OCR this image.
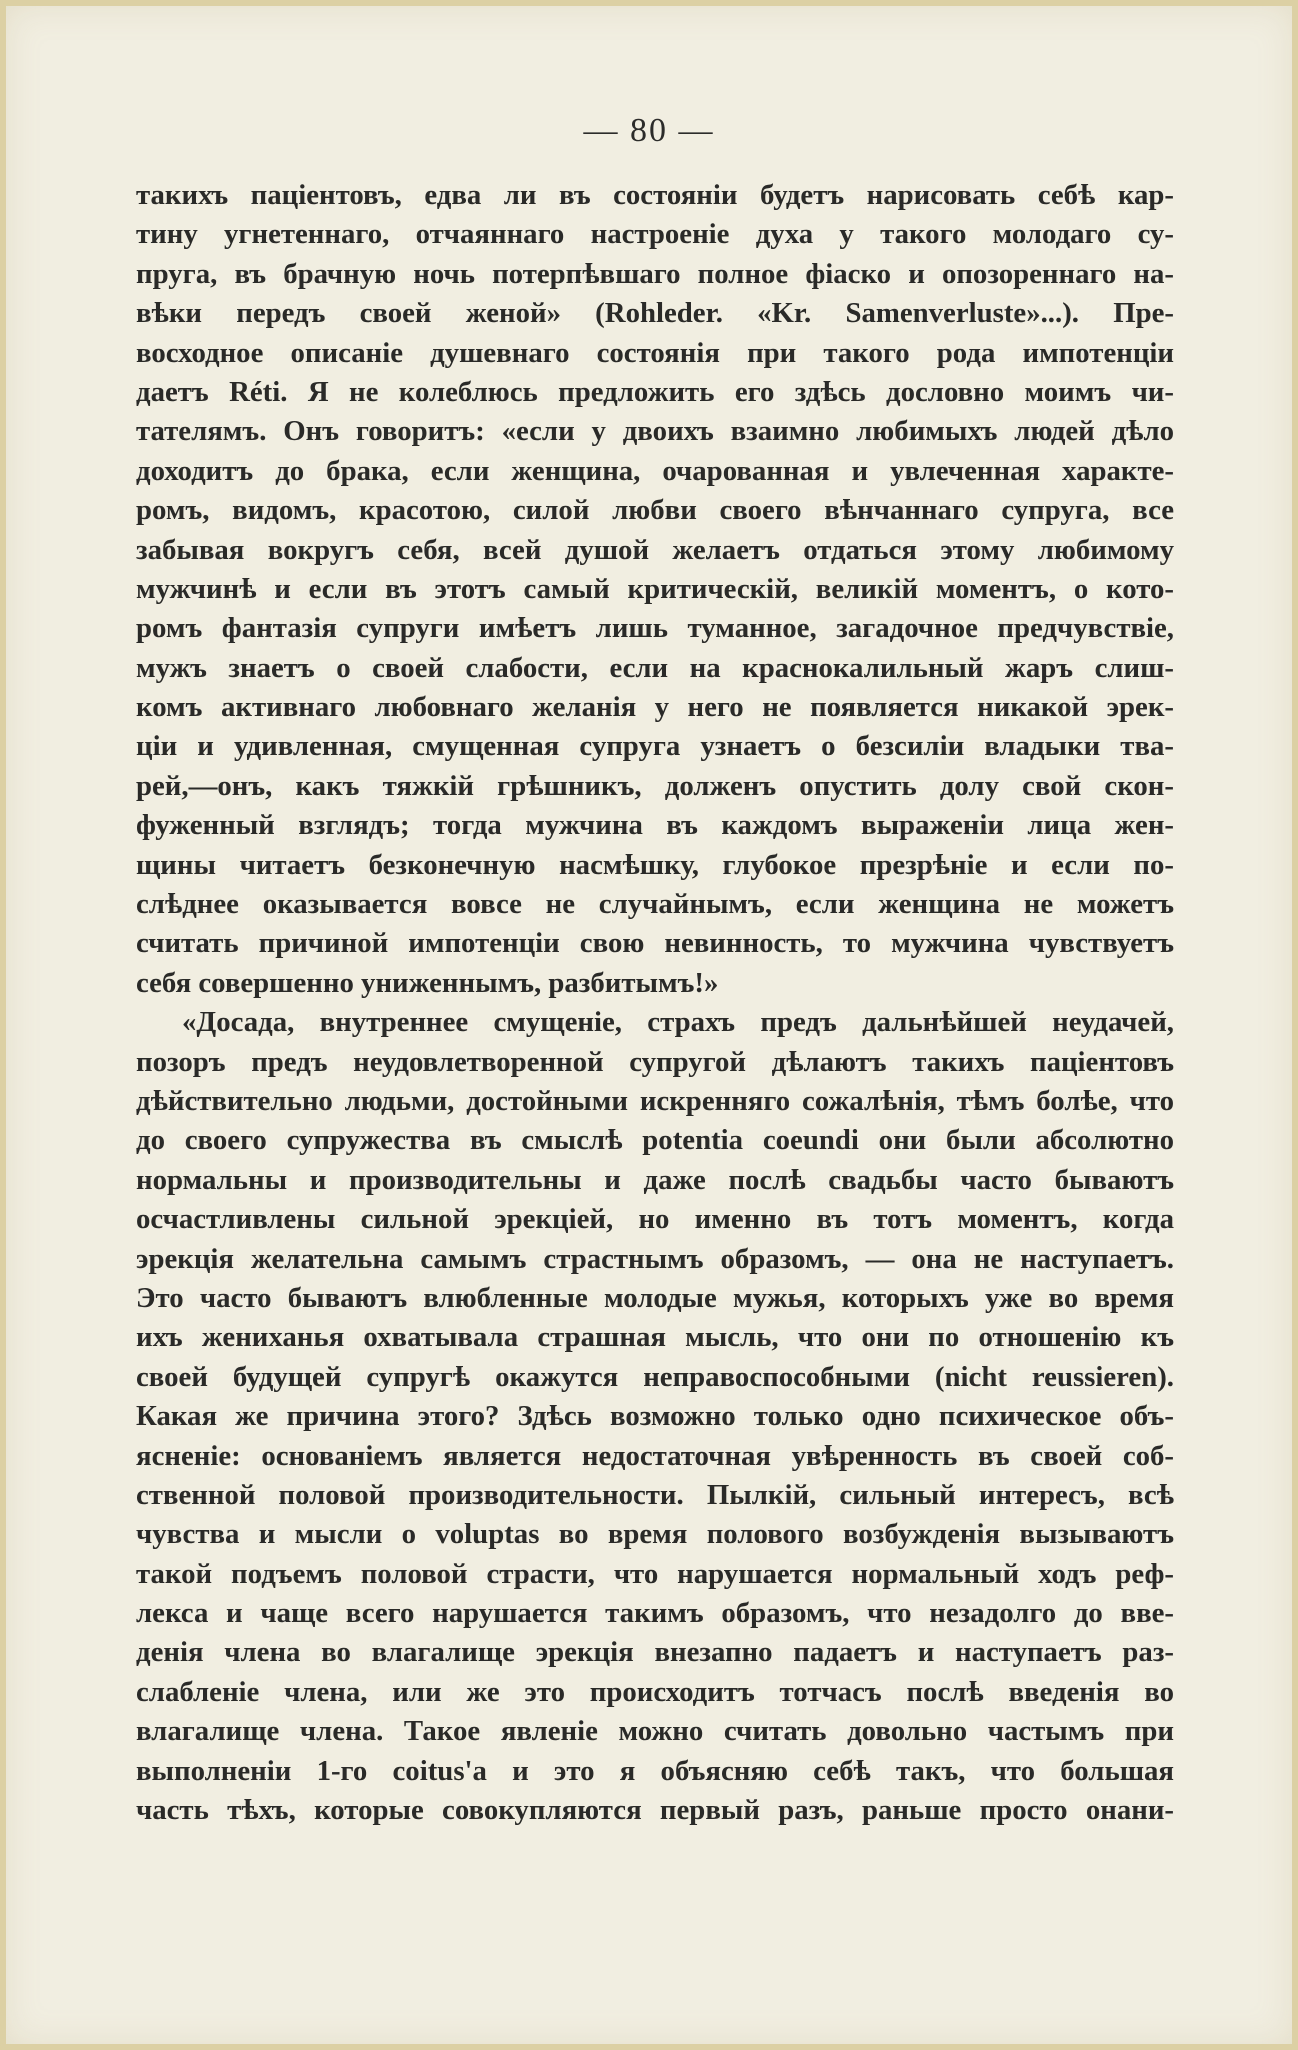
— 80 —
такихъ паціентовъ, едва ли въ состояніи будетъ нарисовать себѣ кар-
тину угнетеннаго, отчаяннаго настроеніе духа у такого молодаго су-
пруга, въ брачную ночь потерпѣвшаго полное фіаско и опозореннаго на-
вѣки передъ своей женой» (Rohleder. «Kr. Samenverluste»...). Пре-
восходное описаніе душевнаго состоянія при такого рода импотенціи
даетъ Réti. Я не колеблюсь предложить его здѣсь дословно моимъ чи-
тателямъ. Онъ говоритъ: «если у двоихъ взаимно любимыхъ людей дѣло
доходитъ до брака, если женщина, очарованная и увлеченная характе-
ромъ, видомъ, красотою, силой любви своего вѣнчаннаго супруга, все
забывая вокругъ себя, всей душой желаетъ отдаться этому любимому
мужчинѣ и если въ этотъ самый критическій, великій моментъ, о кото-
ромъ фантазія супруги имѣетъ лишь туманное, загадочное предчувствіе,
мужъ знаетъ о своей слабости, если на краснокалильный жаръ слиш-
комъ активнаго любовнаго желанія у него не появляется никакой эрек-
ціи и удивленная, смущенная супруга узнаетъ о безсиліи владыки тва-
рей,—онъ, какъ тяжкій грѣшникъ, долженъ опустить долу свой скон-
фуженный взглядъ; тогда мужчина въ каждомъ выраженіи лица жен-
щины читаетъ безконечную насмѣшку, глубокое презрѣніе и если по-
слѣднее оказывается вовсе не случайнымъ, если женщина не можетъ
считать причиной импотенціи свою невинность, то мужчина чувствуетъ
себя совершенно униженнымъ, разбитымъ!»
«Досада, внутреннее смущеніе, страхъ предъ дальнѣйшей неудачей,
позоръ предъ неудовлетворенной супругой дѣлаютъ такихъ паціентовъ
дѣйствительно людьми, достойными искренняго сожалѣнія, тѣмъ болѣе, что
до своего супружества въ смыслѣ potentia coeundi они были абсолютно
нормальны и производительны и даже послѣ свадьбы часто бываютъ
осчастливлены сильной эрекціей, но именно въ тотъ моментъ, когда
эрекція желательна самымъ страстнымъ образомъ, — она не наступаетъ.
Это часто бываютъ влюбленные молодые мужья, которыхъ уже во время
ихъ жениханья охватывала страшная мысль, что они по отношенію къ
своей будущей супругѣ окажутся неправоспособными (nicht reussieren).
Какая же причина этого? Здѣсь возможно только одно психическое объ-
ясненіе: основаніемъ является недостаточная увѣренность въ своей соб-
ственной половой производительности. Пылкій, сильный интересъ, всѣ
чувства и мысли о voluptas во время полового возбужденія вызываютъ
такой подъемъ половой страсти, что нарушается нормальный ходъ реф-
лекса и чаще всего нарушается такимъ образомъ, что незадолго до вве-
денія члена во влагалище эрекція внезапно падаетъ и наступаетъ раз-
слабленіе члена, или же это происходитъ тотчасъ послѣ введенія во
влагалище члена. Такое явленіе можно считать довольно частымъ при
выполненіи 1-го coitus'а и это я объясняю себѣ такъ, что большая
часть тѣхъ, которые совокупляются первый разъ, раньше просто онани-
